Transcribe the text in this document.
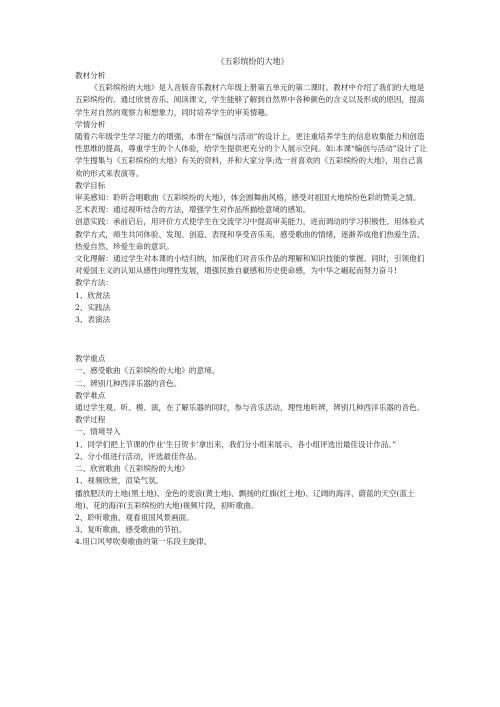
《五彩缤纷的大地》

教材分析

《五彩缤纷的大地》是人音版音乐教材六年级上册第五单元的第二课时。教材中介绍了我们的大地是五彩缤纷的。通过欣赏音乐、阅读课文，学生能够了解到自然界中各种颜色的含义以及形成的原因，提高学生对自然的观察力和想象力，同时培养学生的审美情趣。

学情分析

随着六年级学生学习能力的增强，本册在“编创与活动”的设计上，更注重培养学生的信息收集能力和创造性思维的提高，尊重学生的个人体验，给学生提供更充分的个人展示空间。如:本课“编创与活动”设计了让学生搜集与《五彩缤纷的大地》有关的资料，并和大家分享;选一首喜欢的《五彩缤纷的大地》，用自己喜欢的形式来表演等。

教学目标

审美感知：聆听合唱歌曲《五彩缤纷的大地》，体会圆舞曲风格，感受对祖国大地缤纷色彩的赞美之情。

艺术表现：通过视听结合的方法，增强学生对作品所描绘意境的感知。

创意实践：承前启后，用评价方式使学生在交流学习中提高审美能力，进而调动的学习积极性。用体验式教学方式，师生共同体验、发现、创造、表现和享受音乐美，感受歌曲的情绪，逐渐养成他们热爱生活、热爱自然、珍爱生命的意识。

文化理解：通过学生对本课的小结归纳，加深他们对音乐作品的理解和知识技能的掌握。同时，引领他们对爱国主义的认知从感性向理性发展，增强民族自豪感和历史使命感，为中华之崛起而努力奋斗!

教学方法：

1、欣赏法

2、实践法

3、表演法

教学重点

一、感受歌曲《五彩缤纷的大地》的意境。

二、辨别几种西洋乐器的音色。

教学难点

通过学生观、听、模、演，在了解乐器的同时，参与音乐活动，理性地听辨，辨别几种西洋乐器的音色。

教学过程

一、情境导入

1、同学们把上节课的作业‘生日贺卡’拿出来，我们分小组来展示，各小组评选出最佳设计作品。”

2、分小组进行活动，评选最佳作品。

二、欣赏歌曲《五彩缤纷的大地》

1、视频欣赏，渲染气氛。

播放肥沃的土地(黑土地)、金色的麦浪(黄土地)、飘扬的红旗(红土地)、辽阔的海洋、蔚蓝的天空(蓝土地)、花的海洋(五彩缤纷的大地)视频片段，初听歌曲。

2、聆听歌曲，观看祖国风景画面。

3、复听歌曲，感受歌曲的节拍。

4.用口风琴吹奏歌曲的第一乐段主旋律。
